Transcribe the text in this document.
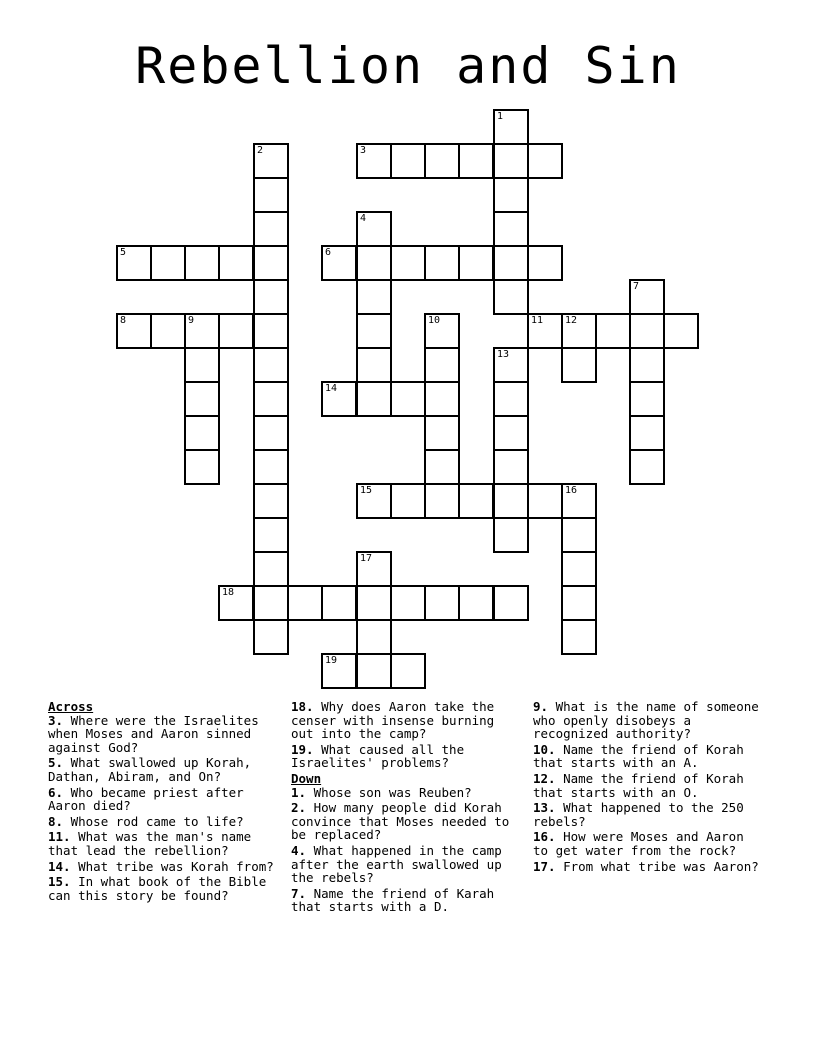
Rebellion and Sin
1
2	3
4
5	6
7
8	9	10	11 12
13
14
15	16
17
18
19
Across
3. Where were the Israelites when Moses and Aaron sinned against God?
5. What swallowed up Korah, Dathan, Abiram, and On?
6. Who became priest after Aaron died?
8. Whose rod came to life?
11. What was the man's name that lead the rebellion?
14. What tribe was Korah from?
15. In what book of the Bible can this story be found?
18. Why does Aaron take the censer with insense burning out into the camp?
19. What caused all the Israelites' problems?
Down
1. Whose son was Reuben?
2. How many people did Korah convince that Moses needed to be replaced?
4. What happened in the camp after the earth swallowed up the rebels?
7. Name the friend of Karah that starts with a D.
9. What is the name of someone who openly disobeys a recognized authority?
10. Name the friend of Korah that starts with an A.
12. Name the friend of Korah that starts with an O.
13. What happened to the 250 rebels?
16. How were Moses and Aaron to get water from the rock?
17. From what tribe was Aaron?
